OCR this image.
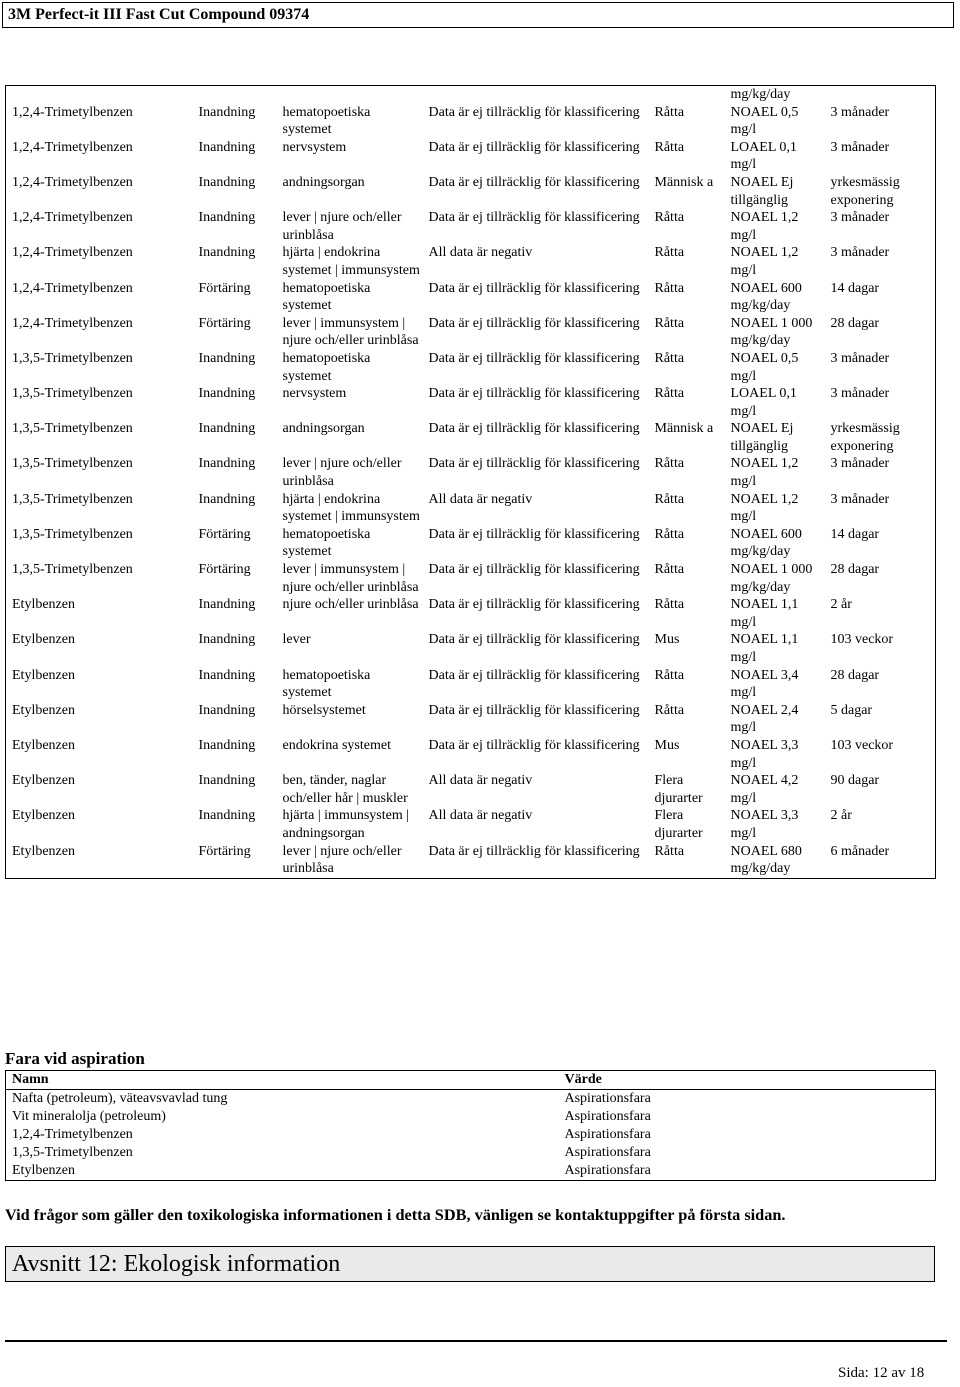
3M Perfect-it III Fast Cut Compound 09374
					mg/kg/day	
1,2,4-Trimetylbenzen	Inandning	hematopoetiska systemet	Data är ej tillräcklig för klassificering	Råtta	NOAEL 0,5 mg/l	3 månader
1,2,4-Trimetylbenzen	Inandning	nervsystem	Data är ej tillräcklig för klassificering	Råtta	LOAEL 0,1 mg/l	3 månader
1,2,4-Trimetylbenzen	Inandning	andningsorgan	Data är ej tillräcklig för klassificering	Människ a	NOAEL Ej tillgänglig	yrkesmässig exponering
1,2,4-Trimetylbenzen	Inandning	lever | njure och/eller urinblåsa	Data är ej tillräcklig för klassificering	Råtta	NOAEL 1,2 mg/l	3 månader
1,2,4-Trimetylbenzen	Inandning	hjärta | endokrina systemet | immunsystem	All data är negativ	Råtta	NOAEL 1,2 mg/l	3 månader
1,2,4-Trimetylbenzen	Förtäring	hematopoetiska systemet	Data är ej tillräcklig för klassificering	Råtta	NOAEL 600 mg/kg/day	14 dagar
1,2,4-Trimetylbenzen	Förtäring	lever | immunsystem | njure och/eller urinblåsa	Data är ej tillräcklig för klassificering	Råtta	NOAEL 1 000 mg/kg/day	28 dagar
1,3,5-Trimetylbenzen	Inandning	hematopoetiska systemet	Data är ej tillräcklig för klassificering	Råtta	NOAEL 0,5 mg/l	3 månader
1,3,5-Trimetylbenzen	Inandning	nervsystem	Data är ej tillräcklig för klassificering	Råtta	LOAEL 0,1 mg/l	3 månader
1,3,5-Trimetylbenzen	Inandning	andningsorgan	Data är ej tillräcklig för klassificering	Människ a	NOAEL Ej tillgänglig	yrkesmässig exponering
1,3,5-Trimetylbenzen	Inandning	lever | njure och/eller urinblåsa	Data är ej tillräcklig för klassificering	Råtta	NOAEL 1,2 mg/l	3 månader
1,3,5-Trimetylbenzen	Inandning	hjärta | endokrina systemet | immunsystem	All data är negativ	Råtta	NOAEL 1,2 mg/l	3 månader
1,3,5-Trimetylbenzen	Förtäring	hematopoetiska systemet	Data är ej tillräcklig för klassificering	Råtta	NOAEL 600 mg/kg/day	14 dagar
1,3,5-Trimetylbenzen	Förtäring	lever | immunsystem | njure och/eller urinblåsa	Data är ej tillräcklig för klassificering	Råtta	NOAEL 1 000 mg/kg/day	28 dagar
Etylbenzen	Inandning	njure och/eller urinblåsa	Data är ej tillräcklig för klassificering	Råtta	NOAEL 1,1 mg/l	2 år
Etylbenzen	Inandning	lever	Data är ej tillräcklig för klassificering	Mus	NOAEL 1,1 mg/l	103 veckor
Etylbenzen	Inandning	hematopoetiska systemet	Data är ej tillräcklig för klassificering	Råtta	NOAEL 3,4 mg/l	28 dagar
Etylbenzen	Inandning	hörselsystemet	Data är ej tillräcklig för klassificering	Råtta	NOAEL 2,4 mg/l	5 dagar
Etylbenzen	Inandning	endokrina systemet	Data är ej tillräcklig för klassificering	Mus	NOAEL 3,3 mg/l	103 veckor
Etylbenzen	Inandning	ben, tänder, naglar och/eller hår | muskler	All data är negativ	Flera djurarter	NOAEL 4,2 mg/l	90 dagar
Etylbenzen	Inandning	hjärta | immunsystem | andningsorgan	All data är negativ	Flera djurarter	NOAEL 3,3 mg/l	2 år
Etylbenzen	Förtäring	lever | njure och/eller urinblåsa	Data är ej tillräcklig för klassificering	Råtta	NOAEL 680 mg/kg/day	6 månader
Fara vid aspiration
Namn	Värde
Nafta (petroleum), väteavsvavlad tung	Aspirationsfara
Vit mineralolja (petroleum)	Aspirationsfara
1,2,4-Trimetylbenzen	Aspirationsfara
1,3,5-Trimetylbenzen	Aspirationsfara
Etylbenzen	Aspirationsfara
Vid frågor som gäller den toxikologiska informationen i detta SDB, vänligen se kontaktuppgifter på första sidan.
Avsnitt 12: Ekologisk information
Sida: 12 av 18
